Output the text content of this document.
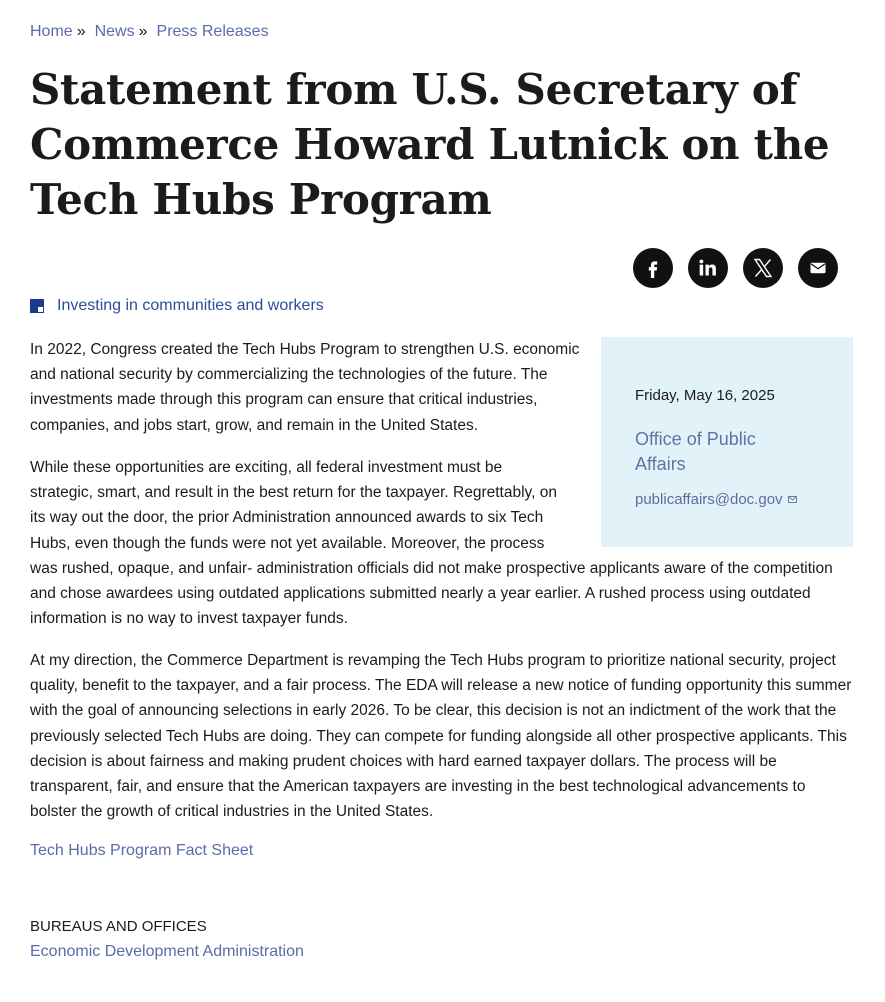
Home » News » Press Releases
Statement from U.S. Secretary of Commerce Howard Lutnick on the Tech Hubs Program
Investing in communities and workers
Friday, May 16, 2025
Office of Public Affairs
publicaffairs@doc.gov

In 2022, Congress created the Tech Hubs Program to strengthen U.S. economic and national security by commercializing the technologies of the future. The investments made through this program can ensure that critical industries, companies, and jobs start, grow, and remain in the United States.

While these opportunities are exciting, all federal investment must be strategic, smart, and result in the best return for the taxpayer. Regrettably, on its way out the door, the prior Administration announced awards to six Tech Hubs, even though the funds were not yet available. Moreover, the process was rushed, opaque, and unfair- administration officials did not make prospective applicants aware of the competition and chose awardees using outdated applications submitted nearly a year earlier. A rushed process using outdated information is no way to invest taxpayer funds.

At my direction, the Commerce Department is revamping the Tech Hubs program to prioritize national security, project quality, benefit to the taxpayer, and a fair process. The EDA will release a new notice of funding opportunity this summer with the goal of announcing selections in early 2026. To be clear, this decision is not an indictment of the work that the previously selected Tech Hubs are doing. They can compete for funding alongside all other prospective applicants. This decision is about fairness and making prudent choices with hard earned taxpayer dollars. The process will be transparent, fair, and ensure that the American taxpayers are investing in the best technological advancements to bolster the growth of critical industries in the United States.

Tech Hubs Program Fact Sheet
BUREAUS AND OFFICES
Economic Development Administration
